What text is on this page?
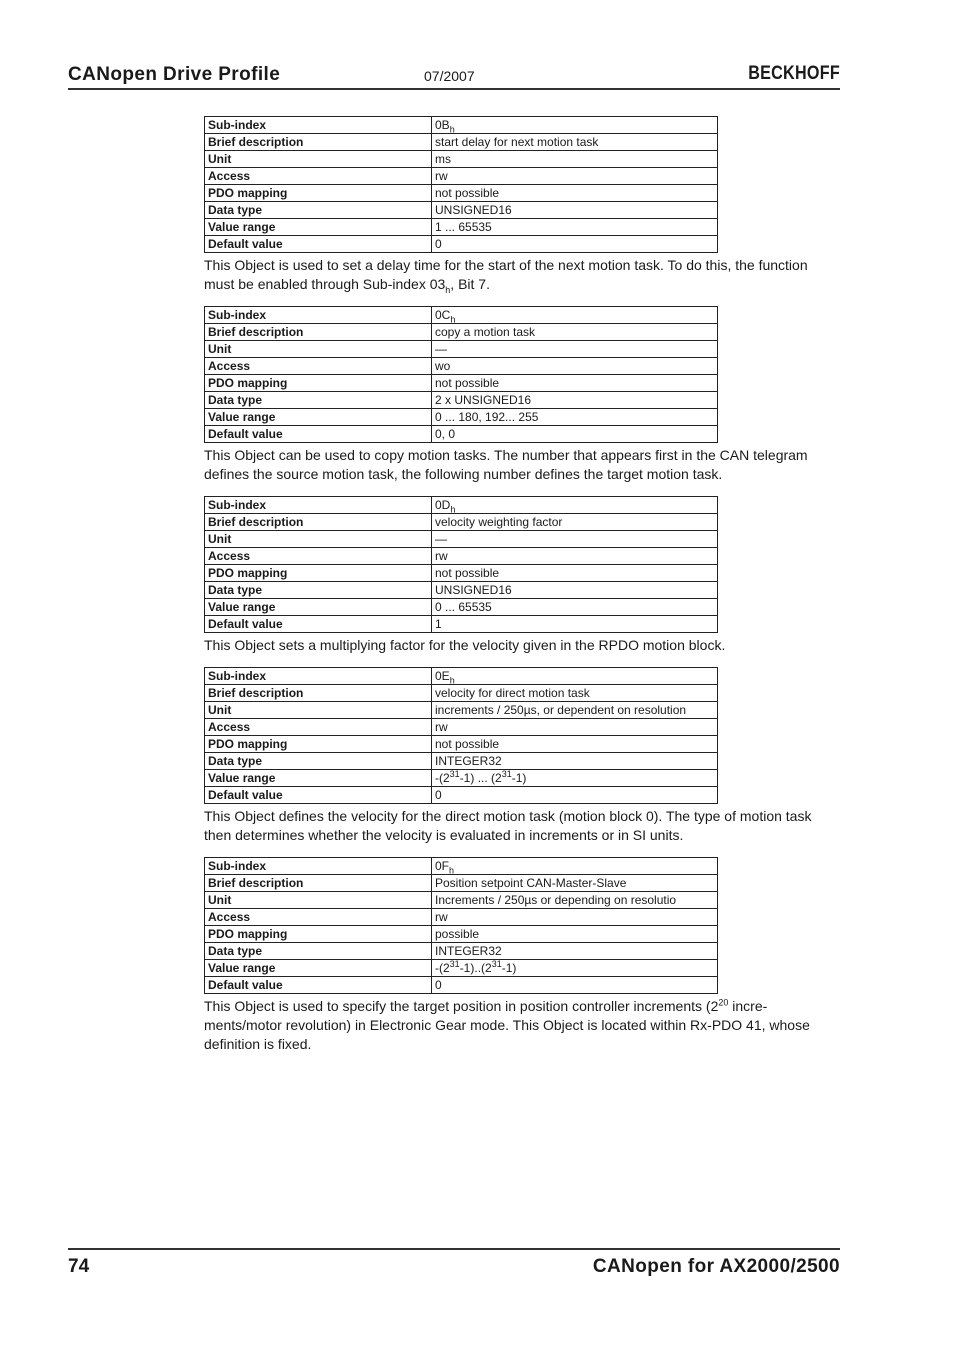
CANopen Drive Profile	07/2007	BECKHOFF
Sub-index	$0B_h$
Brief description	start delay for next motion task
Unit	ms
Access	rw
PDO mapping	not possible
Data type	UNSIGNED16
Value range	1 ... 65535
Default value	0

This Object is used to set a delay time for the start of the next motion task. To do this, the function must be enabled through Sub-index $03_h$, Bit 7.

Sub-index	$0C_h$
Brief description	copy a motion task
Unit	—
Access	wo
PDO mapping	not possible
Data type	2 x UNSIGNED16
Value range	0 ... 180, 192... 255
Default value	0, 0

This Object can be used to copy motion tasks. The number that appears first in the CAN telegram defines the source motion task, the following number defines the target motion task.

Sub-index	$0D_h$
Brief description	velocity weighting factor
Unit	—
Access	rw
PDO mapping	not possible
Data type	UNSIGNED16
Value range	0 ... 65535
Default value	1

This Object sets a multiplying factor for the velocity given in the RPDO motion block.

Sub-index	$0E_h$
Brief description	velocity for direct motion task
Unit	increments / 250µs, or dependent on resolution
Access	rw
PDO mapping	not possible
Data type	INTEGER32
Value range	$-(2^{31}-1)$ ... $(2^{31}-1)$
Default value	0

This Object defines the velocity for the direct motion task (motion block 0). The type of motion task then determines whether the velocity is evaluated in increments or in SI units.

Sub-index	$0F_h$
Brief description	Position setpoint CAN-Master-Slave
Unit	Increments / 250µs or depending on resolutio
Access	rw
PDO mapping	possible
Data type	INTEGER32
Value range	$-(2^{31}-1)..(2^{31}-1)$
Default value	0

This Object is used to specify the target position in position controller increments ($2^{20}$ incre-ments/motor revolution) in Electronic Gear mode. This Object is located within Rx-PDO 41, whose definition is fixed.

74	CANopen for AX2000/2500
